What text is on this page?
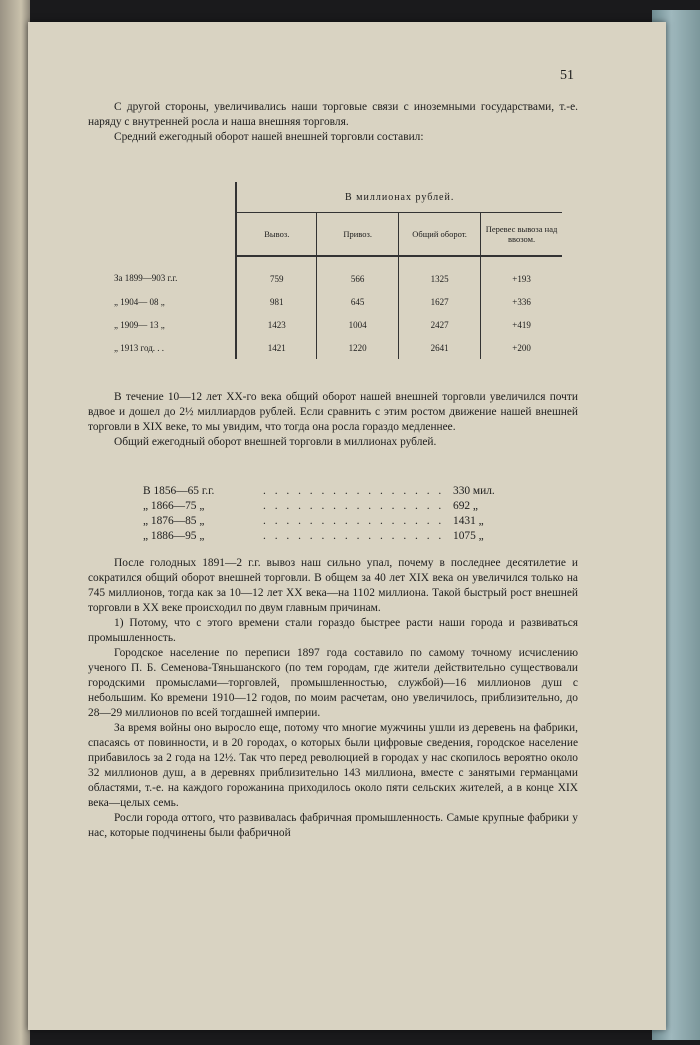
51

С другой стороны, увеличивались наши торговые связи с иноземными государствами, т.-е. наряду с внутренней росла и наша внешняя торговля.

Средний ежегодный оборот нашей внешней торговли составил:

	В миллионах рублей.			
	Вывоз.	Привоз.	Общий оборот.	Перевес вывоза над ввозом.
За 1899—903 г.г.	759	566	1325	+193
„ 1904— 08 „	981	645	1627	+336
„ 1909— 13 „	1423	1004	2427	+419
„ 1913 год. . .	1421	1220	2641	+200

В течение 10—12 лет XX-го века общий оборот нашей внешней торговли увеличился почти вдвое и дошел до 2½ миллиардов рублей. Если сравнить с этим ростом движение нашей внешней торговли в XIX веке, то мы увидим, что тогда она росла гораздо медленнее.

Общий ежегодный оборот внешней торговли в миллионах рублей.

В 1856—65 г.г.	. . . . . . . . . . . . . . . . 330 мил.
„ 1866—75 „	. . . . . . . . . . . . . . . . 692 „
„ 1876—85 „	. . . . . . . . . . . . . . . . 1431 „
„ 1886—95 „	. . . . . . . . . . . . . . . . 1075 „

После голодных 1891—2 г.г. вывоз наш сильно упал, почему в последнее десятилетие и сократился общий оборот внешней торговли. В общем за 40 лет XIX века он увеличился только на 745 миллионов, тогда как за 10—12 лет XX века—на 1102 миллиона. Такой быстрый рост внешней торговли в XX веке происходил по двум главным причинам.

1) Потому, что с этого времени стали гораздо быстрее расти наши города и развиваться промышленность.

Городское население по переписи 1897 года составило по самому точному исчислению ученого П. Б. Семенова-Тяньшанского (по тем городам, где жители действительно существовали городскими промыслами—торговлей, промышленностью, службой)—16 миллионов душ с небольшим. Ко времени 1910—12 годов, по моим расчетам, оно увеличилось, приблизительно, до 28—29 миллионов по всей тогдашней империи.

За время войны оно выросло еще, потому что многие мужчины ушли из деревень на фабрики, спасаясь от повинности, и в 20 городах, о которых были цифровые сведения, городское население прибавилось за 2 года на 12½. Так что перед революцией в городах у нас скопилось вероятно около 32 миллионов душ, а в деревнях приблизительно 143 миллиона, вместе с занятыми германцами областями, т.-е. на каждого горожанина приходилось около пяти сельских жителей, а в конце XIX века—целых семь.

Росли города оттого, что развивалась фабричная промышленность. Самые крупные фабрики у нас, которые подчинены были фабричной
